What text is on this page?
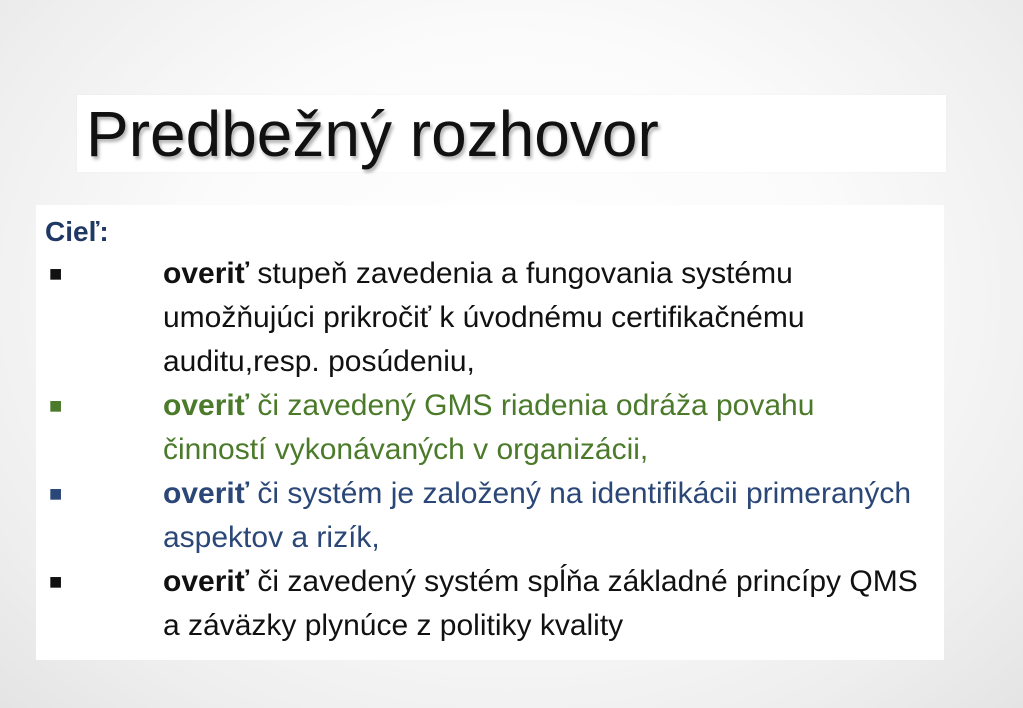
Predbežný rozhovor
Cieľ:
■	overiť stupeň zavedenia a fungovania systému umožňujúci prikročiť k úvodnému certifikačnému auditu,resp. posúdeniu,
■	overiť či zavedený GMS riadenia odráža povahu činností vykonávaných v organizácii,
■	overiť či systém je založený na identifikácii primeraných aspektov a rizík,
■	overiť či zavedený systém spĺňa základné princípy QMS a záväzky plynúce z politiky kvality
